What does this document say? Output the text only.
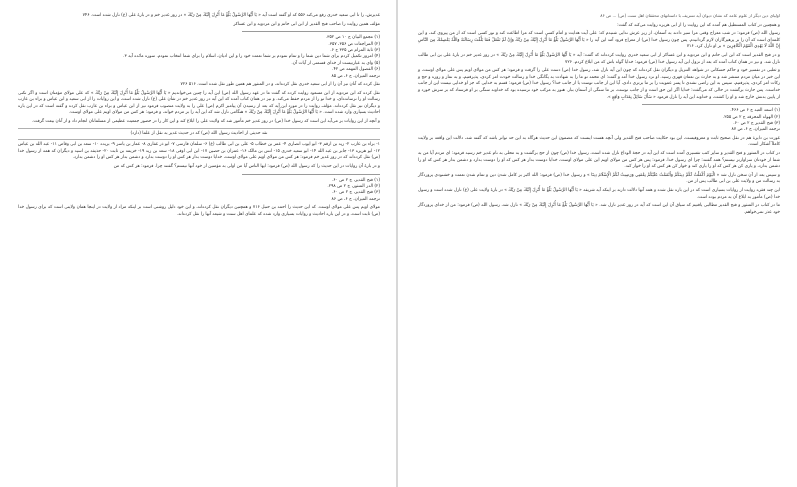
غدیرش، را تا ابی سعید خدری رفع می‌کند ۵۵۶ که او گفته است آیه « يَا أَيُّهَا الرَّسُولُ بَلِّغْ مَا أُنْزِلَ إِلَيْكَ مِنْ رَبِّكَ » در روز غدیر خم و در بارۀ علی (ع) نازل شده است. ۷۴۶

مؤلف همین روایت را صاحب فتح القدیر از ابن ابی حاتم و ابن مردویه و ابن عساکر

(۱) مجمع البیان ج ۱۰ ص ۳۵۲.

(۲) المراجعات ص ۳۵۶، ۳۵۷.

(۳) ثابة المرام ص ۳۳۵ ح ۶.

(۴) امروز تکمیل کردم برای شما دین شما را و تمام نمودم بر شما نعمت خود را و این ادیان، اسلام را برای شما انتخاب نمودم. سوره مائده آیه ۳.

(۵) وای به عبارتیست از خدای قسمتی از آیات آن.

(۶) الفصول المهمه ص ۴۲.

ترجمه المیزان، ج ۶، ص ۸۵

نقل کرده که آنان نیز آن را از ابی سعید خدری نقل کرده‌اند، و در المنثور هم همین طور نقل شده است. ۵۱۶ ۷۲۶

نقل کرده که ابن مردویه از ابن مسعود روایت کرده که گفت ما در عهد رسول الله (ص) این آیه را چنین می‌خواندیم « يَا أَيُّهَا الرَّسُولُ بَلِّغْ مَا أُنْزِلَ إِلَيْكَ مِنْ رَبِّكَ » که علی مولای مؤمنان است و اگر نکنی رسالت او را نرسانده‌ای، و خدا تو را از مردم حفظ می‌کند. و نیز در همان کتاب آمده که این آیه در روز غدیر خم در شأن علی (ع) نازل شده است، و این روایات را از ابی سعید و ابن عباس و براء بن عازب و دیگران نیز نقل کرده‌اند. مؤلف روایت را در مورد این آیه که بعد از رسیدن آن پیامبر اکرم (ص) علی را به ولایت منصوب فرمود نیز از ابن عباس و براء بن عازب نقل کرده و گفته است که در این باره احادیث بسیاری وارد شده است. « يَا أَيُّهَا الرَّسُولُ بَلِّغْ مَا أُنْزِلَ إِلَيْكَ مِنْ رَبِّكَ » هنگامی نازل شد که این آیه را بر مردم خواند، و فرمود: هر کس من مولای اویم علی مولای اوست.

و آنچه از این روایات بر می‌آید این است که رسول خدا (ص) در روز غدیر خم مأمور شد که ولایت علی را ابلاغ کند و این کار را در حضور جمعیت عظیمی از مسلمانان انجام داد و از آنان بیعت گرفت.

نقد حدیثی از احادیث رسول الله (ص) که در حدیث غدیر به نقل از علما (دارد)

۱- براء بن عازب ۲- زید بن ارقم ۳- ابو ایوب انصاری ۴- عمر بن خطاب ۵- علی بن ابی طالب (ع) ۶- سلمان فارسی ۷- ابو ذر غفاری ۸- عمار بن یاسر ۹- بریده ۱۰- سعد بن ابی وقاص ۱۱- عبد الله بن عباس ۱۲- ابو هریره ۱۳- جابر بن عبد الله ۱۴- ابو سعید خدری ۱۵- انس بن مالک ۱۶- عمران بن حصین ۱۷- ابن ابی اوفی ۱۸- سعد بن زید ۱۹- خزیمه بن ثابت ۲۰- حذیفه بن اسید و دیگران که همه از رسول خدا (ص) نقل کرده‌اند که در روز غدیر خم فرمود: هر کس من مولای اویم علی مولای اوست، خدایا دوست بدار هر کس او را دوست بدارد و دشمن بدار هر کس او را دشمن بدارد.

و در بارۀ آن روایات در این حدیث را که رسول الله (ص) فرمود: ایها الناس آیا من اولی به مؤمنین از خود آنها نیستم؟ گفتند چرا. فرمود: هر کس که من

(۱) فتح القدیر، ج ۲ ص ۶۰.

(۲) الدر المنثور، ج ۲ ص ۲۹۸.

(۳) فتح القدیر، ج ۲ ص ۶۰.

ترجمه المیزان، ج ۶، ص ۸۶

مولای اویم پس علی مولای اوست. که این حدیث را احمد بن حنبل ۷۱۶ و همچنین دیگران نقل کرده‌اند، و این خود دلیل روشنی است بر اینکه مراد از ولایت در اینجا همان ولایتی است که برای رسول خدا (ص) ثابت است، و در این باره احادیث و روایات بسیاری وارد شده که علمای اهل سنت و شیعه آنها را نقل کرده‌اند.

اولیای دین دیگر از علوم عامه که نشان دیوان آیه تسریف با داستانهای محققان اهل سنت (ص) ... ص ۸۶

و همچنین در کتاب المستطیل هم آمده که این روایت را از ابی هریره روایت می‌کند که گفت:

رسول الله (ص) فرمود: در شب معراج وقتی مرا سیر دادند به آسمان، از زیر عرش ندایی شنیدم که: علی آیت هدایت و امام کسی است که مرا اطاعت کند و نور کسی است که از من پیروی کند، و این کلمه‌ای است که آن را بر پرهیزگاران لازم گردانیدم. پس چون رسول خدا (ص) از معراج فرود آمد این آیه را « يَا أَيُّهَا الرَّسُولُ بَلِّغْ مَا أُنْزِلَ إِلَيْكَ مِنْ رَبِّكَ وَإِنْ لَمْ تَفْعَلْ فَمَا بَلَّغْتَ رِسَالَتَهُ وَاللَّهُ يَعْصِمُكَ مِنَ النَّاسِ إِنَّ اللَّهَ لَا يَهْدِي الْقَوْمَ الْكَافِرِينَ » بر او نازل کرد. ۷۱۶

و در فتح القدیر است که ابن ابی حاتم و ابن مردویه و ابن عساکر از ابی سعید خدری روایت کرده‌اند که گفت: آیه « يَا أَيُّهَا الرَّسُولُ بَلِّغْ مَا أُنْزِلَ إِلَيْكَ مِنْ رَبِّكَ » در روز غدیر خم در بارۀ علی بن ابی طالب نازل شد. و نیز در همان کتاب آمده که بعد از نزول این آیه رسول خدا (ص) فرمود: خدایا گواه باش که من ابلاغ کردم. ۷۲۶

و ثعلبی در تفسیر خود و حاکم حسکانی در شواهد التنزیل و دیگران نقل کرده‌اند که چون این آیه نازل شد، رسول خدا (ص) دست علی را گرفت و فرمود: هر کس من مولای اویم پس علی مولای اوست، و این خبر در میان مردم منتشر شد و به حارث بن نعمان فهری رسید. او نزد رسول خدا آمد و گفت: ای محمد تو ما را به شهادت به یگانگی خدا و رسالت خودت امر کردی، پذیرفتیم، و به نماز و روزه و حج و زکات امر کردی، پذیرفتیم، سپس به این راضی نشدی تا پسر عمویت را بر ما برتری دادی، آیا این از جانب توست یا از جانب خدا؟ رسول خدا (ص) فرمود: قسم به خدایی که جز او خدایی نیست این از جانب خداست. پس حارث برگشت در حالی که می‌گفت: خدایا اگر این حق است و از جانب توست، بر ما سنگی از آسمان ببار. هنوز به مرکب خود نرسیده بود که خداوند سنگی بر او فرستاد که بر سرش خورد و از پایین بدنش خارج شد و او را کشت، و خداوند این آیه را نازل فرمود « سَأَلَ سَائِلٌ بِعَذَابٍ وَاقِعٍ ».

(۱) اسعد العبد ج ۶ ص ۴۶۶.

(۲) الهواه المحرقه ج ۲ ص ۲۵۵.

(۳) فتح القدیر ج ۲ ص ۶۰.

ترجمه المیزان، ج ۶، ص ۸۷

غورت بن دایرة هم در نقل صحیح ثابت و معروفیست، این بود حکایت صاحب فتح القدیر ولی آنچه هست اینست که مضمون این حدیث هرگاه به این حد تواتر باشد که گفته شد، دلالت این واقعه بر ولایت کاملاً آشکار است.

در کتاب در المنثور و فتح القدیر و سایر کتب تفسیری آمده است که این آیه در حجة الوداع نازل شده است، رسول خدا (ص) چون از حج برگشت و به محلی به نام غدیر خم رسید فرمود: ای مردم آیا من به شما از خودتان سزاوارتر نیستم؟ همه گفتند: چرا ای رسول خدا. فرمود: پس هر کس من مولای اویم این علی مولای اوست، خدایا دوست بدار هر کس که او را دوست بدارد و دشمن بدار هر کس که او را دشمن بدارد، و یاری کن هر کس که او را یاری کند و خوار کن هر کس که او را خوار کند.

و سپس بعد از آن سخن نازل شد « الْيَوْمَ أَكْمَلْتُ لَكُمْ دِينَكُمْ وَأَتْمَمْتُ عَلَيْكُمْ نِعْمَتِي وَرَضِيتُ لَكُمُ الْإِسْلَامَ دِينًا » و رسول خدا (ص) فرمود: الله اکبر بر کامل شدن دین و تمام شدن نعمت و خشنودی پروردگار به رسالت من و ولایت علی بن ابی طالب پس از من.

این چند فقره روایت از روایات بسیاری است که در این باره نقل شده و همه آنها دلالت دارند بر اینکه آیه شریفه « يَا أَيُّهَا الرَّسُولُ بَلِّغْ مَا أُنْزِلَ إِلَيْكَ مِنْ رَبِّكَ » در بارۀ ولایت علی (ع) نازل شده است و رسول خدا (ص) مأمور به ابلاغ آن به مردم بوده است.

ما در کتاب در المنثور و فتح القدیر مطالبی یافتیم که سیاق آن این است که آیه در روز غدیر نازل شد. « يَا أَيُّهَا الرَّسُولُ بَلِّغْ مَا أُنْزِلَ إِلَيْكَ مِنْ رَبِّكَ » نازل شد، رسول الله (ص) فرمود: من از خدای پروردگار خود عذر نمی‌خواهم.
